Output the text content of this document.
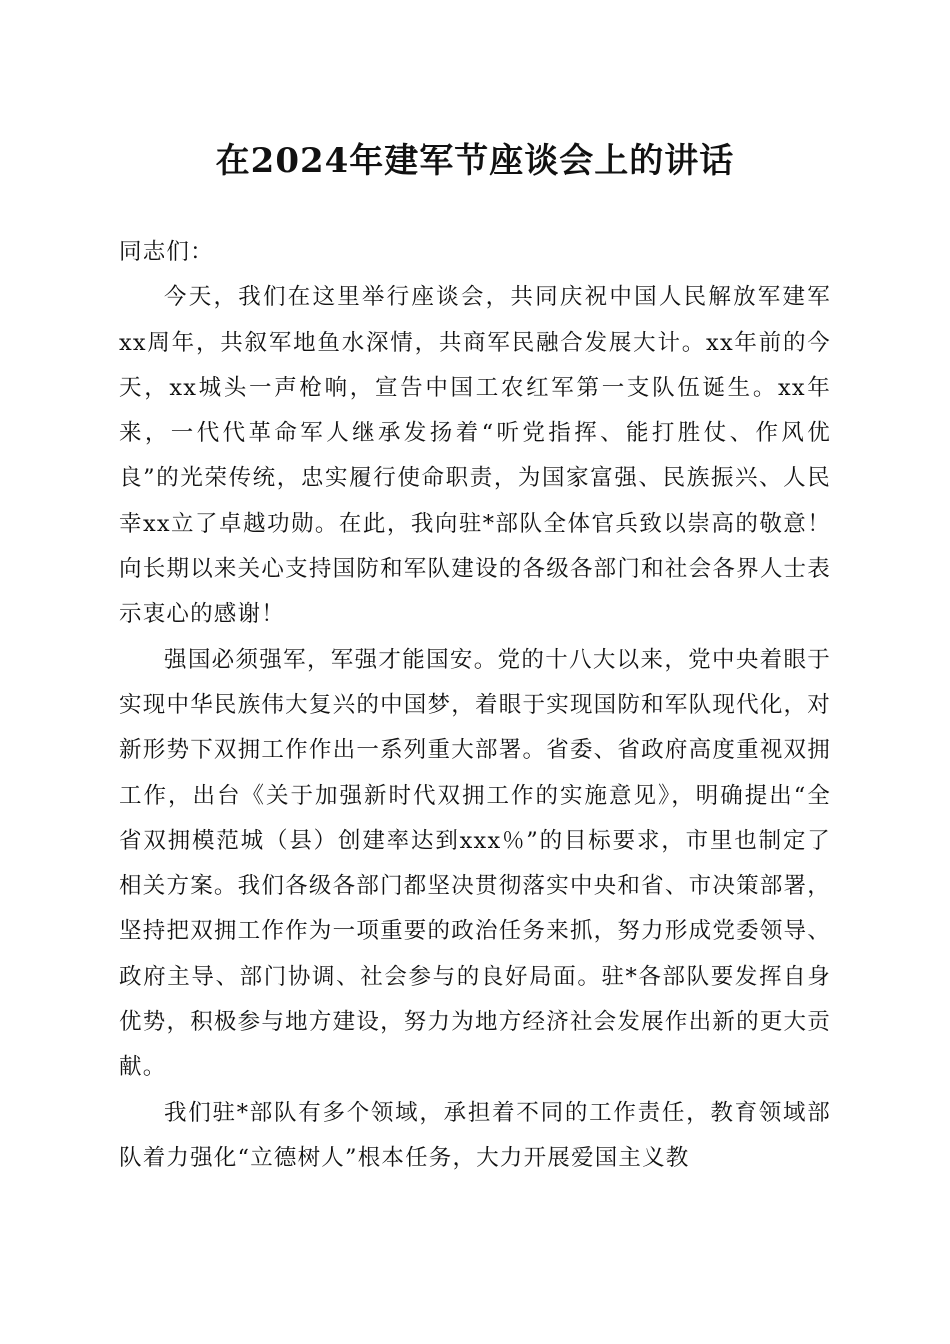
在2024年建军节座谈会上的讲话

同志们：

今天，我们在这里举行座谈会，共同庆祝中国人民解放军建军xx周年，共叙军地鱼水深情，共商军民融合发展大计。xx年前的今天，xx城头一声枪响，宣告中国工农红军第一支队伍诞生。xx年来，一代代革命军人继承发扬着“听党指挥、能打胜仗、作风优良”的光荣传统，忠实履行使命职责，为国家富强、民族振兴、人民幸xx立了卓越功勋。在此，我向驻*部队全体官兵致以崇高的敬意！向长期以来关心支持国防和军队建设的各级各部门和社会各界人士表示衷心的感谢！

强国必须强军，军强才能国安。党的十八大以来，党中央着眼于实现中华民族伟大复兴的中国梦，着眼于实现国防和军队现代化，对新形势下双拥工作作出一系列重大部署。省委、省政府高度重视双拥工作，出台《关于加强新时代双拥工作的实施意见》，明确提出“全省双拥模范城（县）创建率达到xxx％”的目标要求，市里也制定了相关方案。我们各级各部门都坚决贯彻落实中央和省、市决策部署，坚持把双拥工作作为一项重要的政治任务来抓，努力形成党委领导、政府主导、部门协调、社会参与的良好局面。驻*各部队要发挥自身优势，积极参与地方建设，努力为地方经济社会发展作出新的更大贡献。

我们驻*部队有多个领域，承担着不同的工作责任，教育领域部队着力强化“立德树人”根本任务，大力开展爱国主义教
